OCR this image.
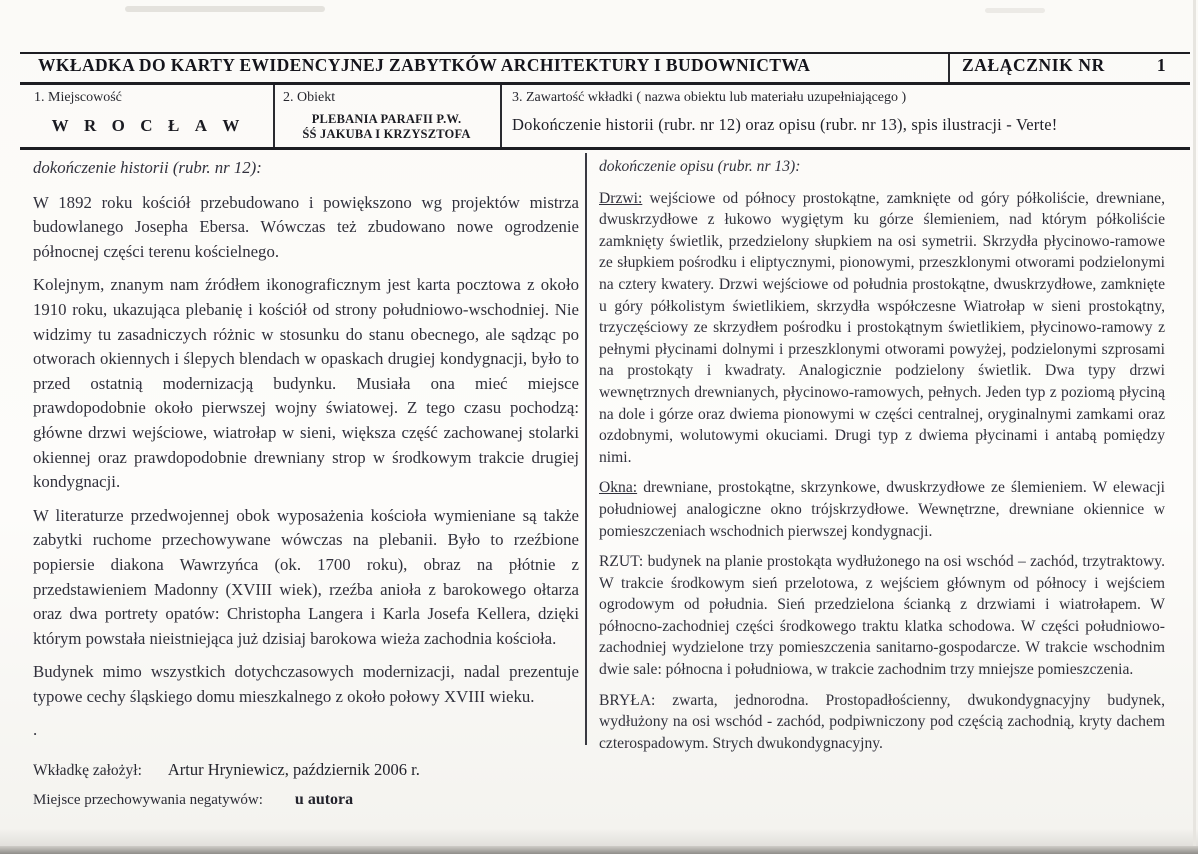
WKŁADKA DO KARTY EWIDENCYJNEJ ZABYTKÓW ARCHITEKTURY I BUDOWNICTWA	ZAŁĄCZNIK NR	1
1. Miejscowość
W R O C Ł A W
2. Obiekt
PLEBANIA PARAFII P.W.
ŚŚ JAKUBA I KRZYSZTOFA
3. Zawartość wkładki ( nazwa obiektu lub materiału uzupełniającego )
Dokończenie historii (rubr. nr 12) oraz opisu (rubr. nr 13), spis ilustracji - Verte!

dokończenie historii (rubr. nr 12):

W 1892 roku kościół przebudowano i powiększono wg projektów mistrza budowlanego Josepha Ebersa. Wówczas też zbudowano nowe ogrodzenie północnej części terenu kościelnego.

Kolejnym, znanym nam źródłem ikonograficznym jest karta pocztowa z około 1910 roku, ukazująca plebanię i kościół od strony południowo-wschodniej. Nie widzimy tu zasadniczych różnic w stosunku do stanu obecnego, ale sądząc po otworach okiennych i ślepych blendach w opaskach drugiej kondygnacji, było to przed ostatnią modernizacją budynku. Musiała ona mieć miejsce prawdopodobnie około pierwszej wojny światowej. Z tego czasu pochodzą: główne drzwi wejściowe, wiatrołap w sieni, większa część zachowanej stolarki okiennej oraz prawdopodobnie drewniany strop w środkowym trakcie drugiej kondygnacji.

W literaturze przedwojennej obok wyposażenia kościoła wymieniane są także zabytki ruchome przechowywane wówczas na plebanii. Było to rzeźbione popiersie diakona Wawrzyńca (ok. 1700 roku), obraz na płótnie z przedstawieniem Madonny (XVIII wiek), rzeźba anioła z barokowego ołtarza oraz dwa portrety opatów: Christopha Langera i Karla Josefa Kellera, dzięki którym powstała nieistniejąca już dzisiaj barokowa wieża zachodnia kościoła.

Budynek mimo wszystkich dotychczasowych modernizacji, nadal prezentuje typowe cechy śląskiego domu mieszkalnego z około połowy XVIII wieku.

.

dokończenie opisu (rubr. nr 13):

Drzwi: wejściowe od północy prostokątne, zamknięte od góry półkoliście, drewniane, dwuskrzydłowe z łukowo wygiętym ku górze ślemieniem, nad którym półkoliście zamknięty świetlik, przedzielony słupkiem na osi symetrii. Skrzydła płycinowo-ramowe ze słupkiem pośrodku i eliptycznymi, pionowymi, przeszklonymi otworami podzielonymi na cztery kwatery. Drzwi wejściowe od południa prostokątne, dwuskrzydłowe, zamknięte u góry półkolistym świetlikiem, skrzydła współczesne Wiatrołap w sieni prostokątny, trzyczęściowy ze skrzydłem pośrodku i prostokątnym świetlikiem, płycinowo-ramowy z pełnymi płycinami dolnymi i przeszklonymi otworami powyżej, podzielonymi szprosami na prostokąty i kwadraty. Analogicznie podzielony świetlik. Dwa typy drzwi wewnętrznych drewnianych, płycinowo-ramowych, pełnych. Jeden typ z poziomą płyciną na dole i górze oraz dwiema pionowymi w części centralnej, oryginalnymi zamkami oraz ozdobnymi, wolutowymi okuciami. Drugi typ z dwiema płycinami i antabą pomiędzy nimi.

Okna: drewniane, prostokątne, skrzynkowe, dwuskrzydłowe ze ślemieniem. W elewacji południowej analogiczne okno trójskrzydłowe. Wewnętrzne, drewniane okiennice w pomieszczeniach wschodnich pierwszej kondygnacji.

RZUT: budynek na planie prostokąta wydłużonego na osi wschód – zachód, trzytraktowy. W trakcie środkowym sień przelotowa, z wejściem głównym od północy i wejściem ogrodowym od południa. Sień przedzielona ścianką z drzwiami i wiatrołapem. W północno-zachodniej części środkowego traktu klatka schodowa. W części południowo-zachodniej wydzielone trzy pomieszczenia sanitarno-gospodarcze. W trakcie wschodnim dwie sale: północna i południowa, w trakcie zachodnim trzy mniejsze pomieszczenia.

BRYŁA: zwarta, jednorodna. Prostopadłościenny, dwukondygnacyjny budynek, wydłużony na osi wschód - zachód, podpiwniczony pod częścią zachodnią, kryty dachem czterospadowym. Strych dwukondygnacyjny.

Wkładkę założył: Artur Hryniewicz, październik 2006 r.
Miejsce przechowywania negatywów: u autora
